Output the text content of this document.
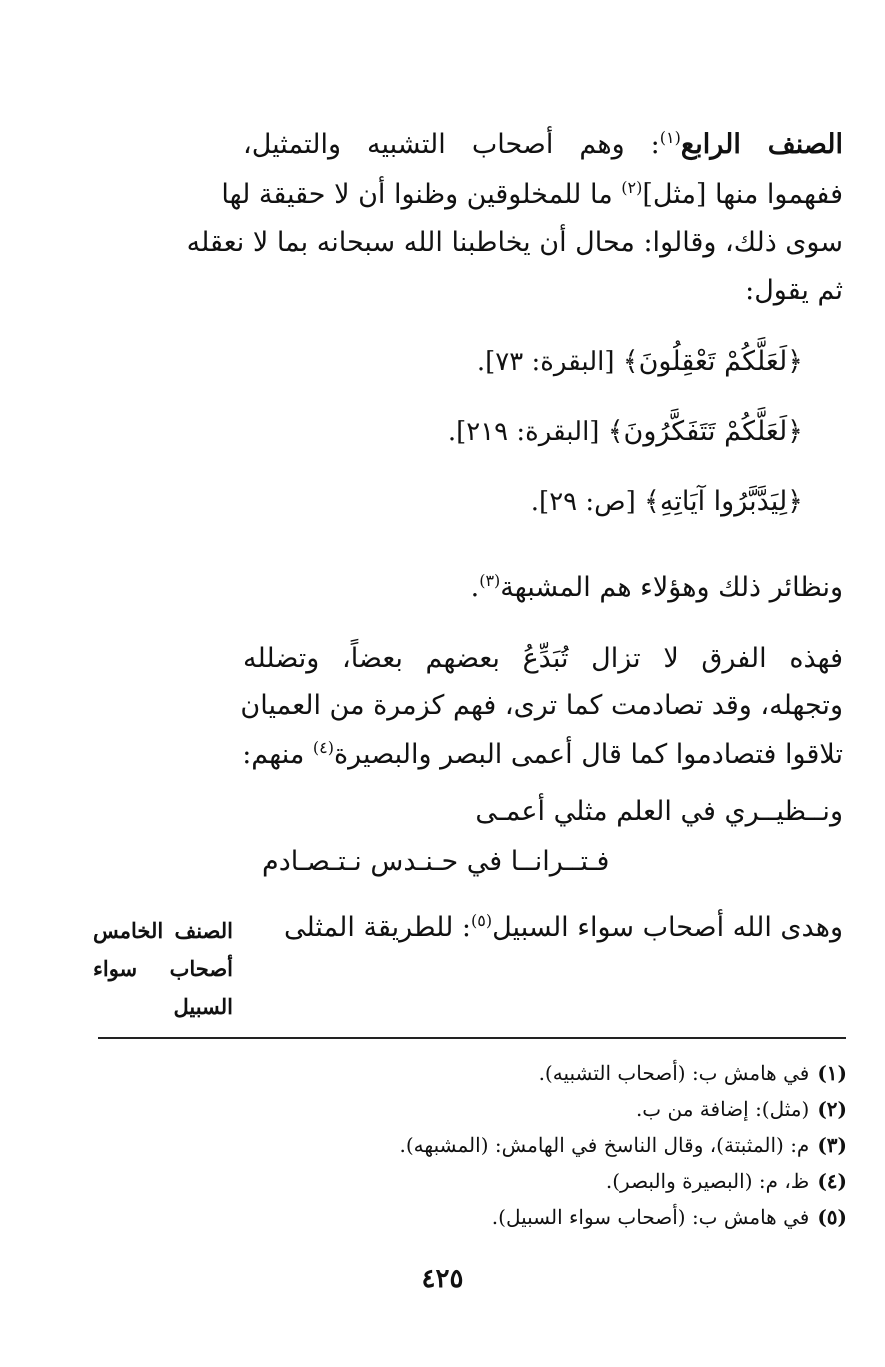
الصنف الرابع$^{(١)}$: وهم أصحاب التشبيه والتمثيل،
ففهموا منها [مثل]$^{(٢)}$ ما للمخلوقين وظنوا أن لا حقيقة لها
سوى ذلك، وقالوا: محال أن يخاطبنا الله سبحانه بما لا نعقله
ثم يقول:
﴿لَعَلَّكُمْ تَعْقِلُونَ﴾ [البقرة: ٧٣].
﴿لَعَلَّكُمْ تَتَفَكَّرُونَ﴾ [البقرة: ٢١٩].
﴿لِيَدَّبَّرُوا آيَاتِهِ﴾ [ص: ٢٩].
ونظائر ذلك وهؤلاء هم المشبهة$^{(٣)}$.
فهذه الفرق لا تزال تُبَدِّعُ بعضهم بعضاً، وتضلله
وتجهله، وقد تصادمت كما ترى، فهم كزمرة من العميان
تلاقوا فتصادموا كما قال أعمى البصر والبصيرة$^{(٤)}$ منهم:
ونــظيــري في العلم مثلي أعمـى
فـتــرانــا في حـنـدس نـتـصـادم
وهدى الله أصحاب سواء السبيل$^{(٥)}$: للطريقة المثلى
الصنف الخامس
أصحاب سواء
السبيل
(١)في هامش ب: (أصحاب التشبيه).
(٢)(مثل): إضافة من ب.
(٣)م: (المثبتة)، وقال الناسخ في الهامش: (المشبهه).
(٤)ظ، م: (البصيرة والبصر).
(٥)في هامش ب: (أصحاب سواء السبيل).
٤٢٥
